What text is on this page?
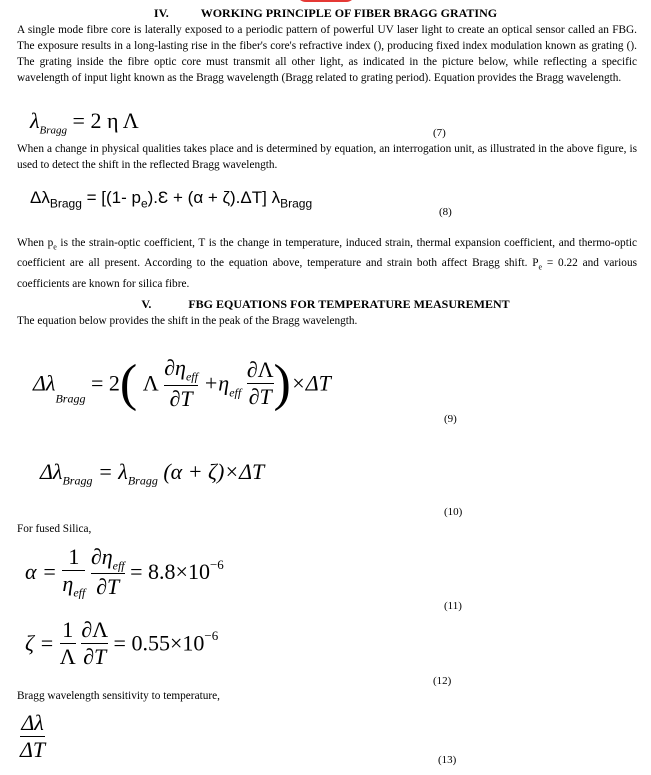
IV.	WORKING PRINCIPLE OF FIBER BRAGG GRATING
A single mode fibre core is laterally exposed to a periodic pattern of powerful UV laser light to create an optical sensor called an FBG. The exposure results in a long-lasting rise in the fiber's core's refractive index (), producing fixed index modulation known as grating (). The grating inside the fibre optic core must transmit all other light, as indicated in the picture below, while reflecting a specific wavelength of input light known as the Bragg wavelength (Bragg related to grating period). Equation provides the Bragg wavelength.
$\lambda_{Bragg} = 2$ η Λ	(7)
When a change in physical qualities takes place and is determined by equation, an interrogation unit, as illustrated in the above figure, is used to detect the shift in the reflected Bragg wavelength.
$\Delta\lambda_{Bragg} = [(1-$ $p_e).Ɛ + (\alpha + \zeta).\Delta T$] $\lambda_{Bragg}$
(8)
When $p_e$ is the strain-optic coefficient, T is the change in temperature, induced strain, thermal expansion coefficient, and thermo-optic coefficient are all present. According to the equation above, temperature and strain both affect Bragg shift. $P_e = 0.22$ and various coefficients are known for silica fibre.
V.	FBG EQUATIONS FOR TEMPERATURE MEASUREMENT
The equation below provides the shift in the peak of the Bragg wavelength.
$\Delta\lambda_{Bragg} = 2$( Λ $\frac{\partial\eta_{eff}}{\partial T} +\eta_{eff} \frac{\partial\Lambda}{\partial T} )\times\Delta T$
(9)
$\Delta\lambda_{Bragg} = \lambda_{Bragg}$ (α + ζ)×ΔT
(10)
For fused Silica,
$\alpha = \frac{1}{\eta_{eff}}$
$\frac{\partial\eta_{eff}}{\partial T} = 8.8\times 10^{-6}$
(11)
$\zeta = \frac{1}{\Lambda}$
$\frac{\partial\Lambda}{\partial T} = 0.55\times 10^{-6}$
(12)
Bragg wavelength sensitivity to temperature,
$\frac{\Delta\lambda}{\Delta T}$	(13)
